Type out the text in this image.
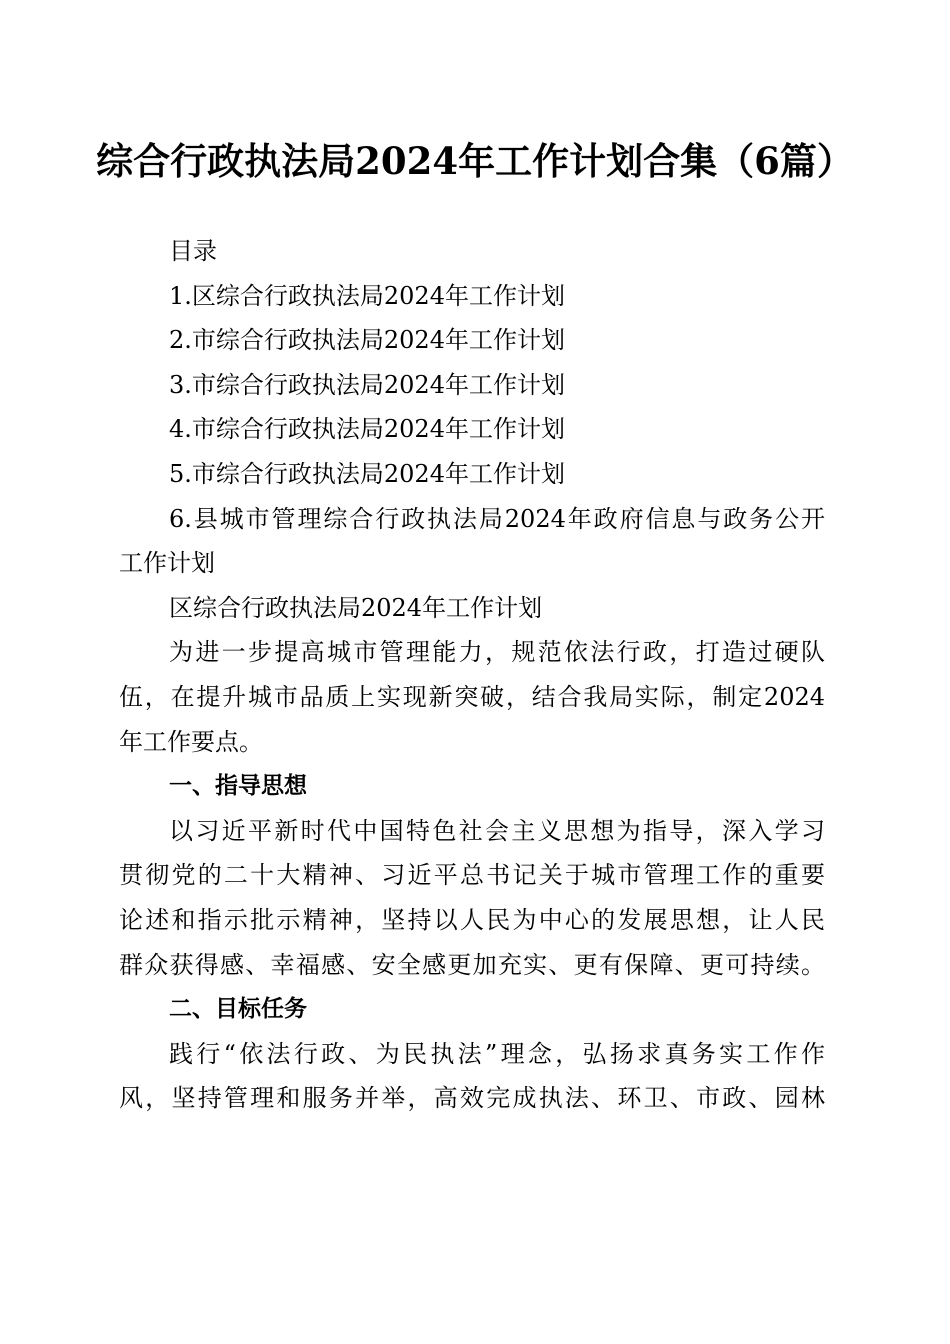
综合行政执法局2024年工作计划合集（6篇）
目录
1.区综合行政执法局2024年工作计划
2.市综合行政执法局2024年工作计划
3.市综合行政执法局2024年工作计划
4.市综合行政执法局2024年工作计划
5.市综合行政执法局2024年工作计划
6.县城市管理综合行政执法局2024年政府信息与政务公开
工作计划
区综合行政执法局2024年工作计划
为进一步提高城市管理能力，规范依法行政，打造过硬队
伍，在提升城市品质上实现新突破，结合我局实际，制定2024
年工作要点。
一、指导思想
以习近平新时代中国特色社会主义思想为指导，深入学习
贯彻党的二十大精神、习近平总书记关于城市管理工作的重要
论述和指示批示精神，坚持以人民为中心的发展思想，让人民
群众获得感、幸福感、安全感更加充实、更有保障、更可持续。
二、目标任务
践行“依法行政、为民执法”理念，弘扬求真务实工作作
风，坚持管理和服务并举，高效完成执法、环卫、市政、园林
